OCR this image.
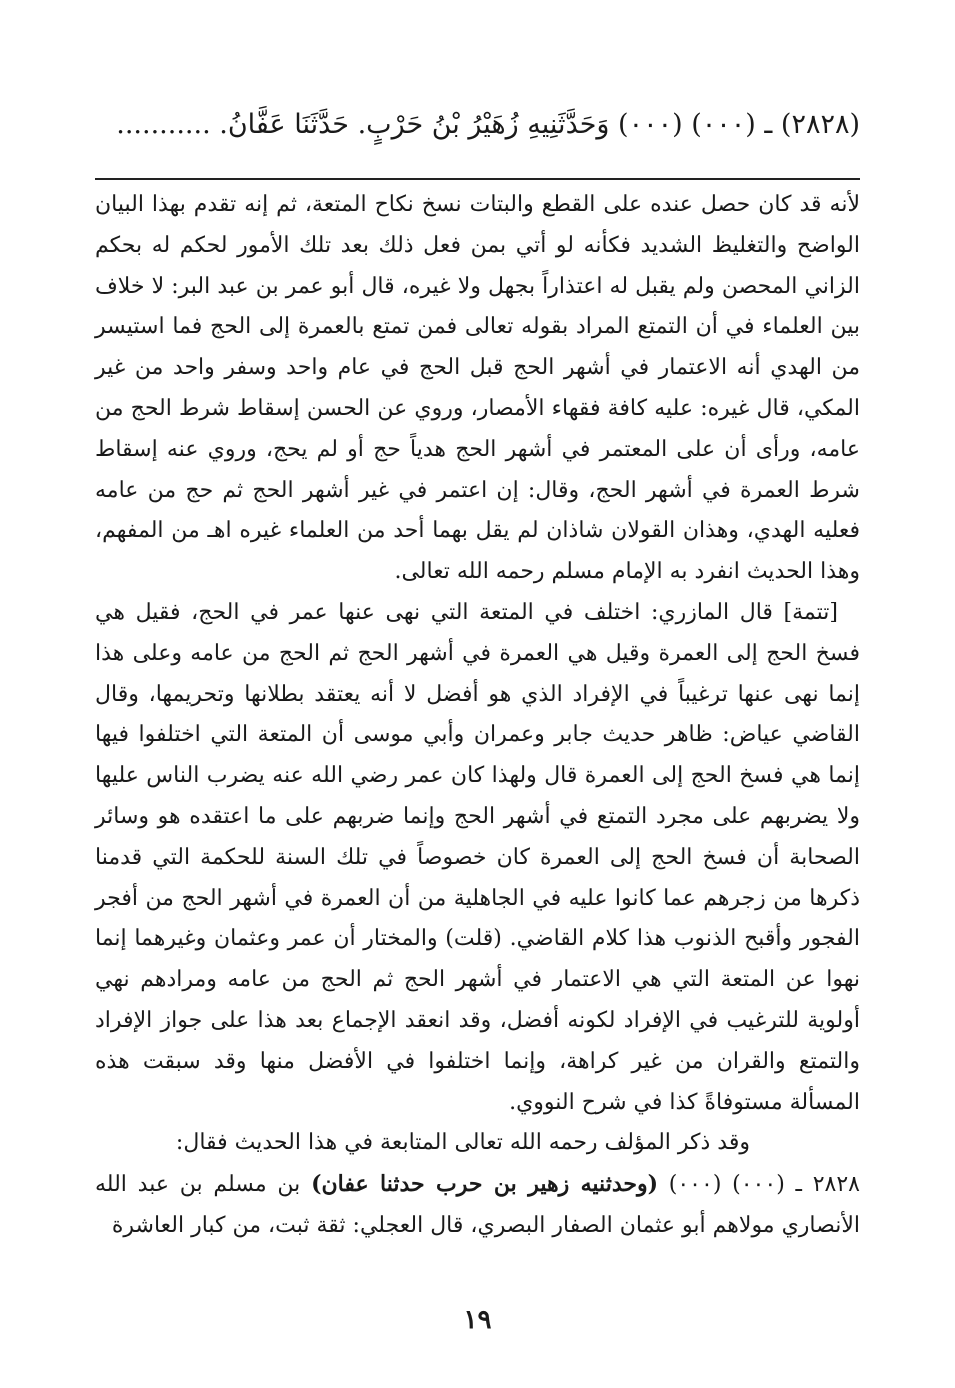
(٢٨٢٨) ـ (٠٠٠) (٠٠٠) وَحَدَّثَنِيهِ زُهَيْرُ بْنُ حَرْبٍ. حَدَّثَنَا عَفَّانُ. ...........

لأنه قد كان حصل عنده على القطع والبتات نسخ نكاح المتعة، ثم إنه تقدم بهذا البيان الواضح والتغليظ الشديد فكأنه لو أتي بمن فعل ذلك بعد تلك الأمور لحكم له بحكم الزاني المحصن ولم يقبل له اعتذاراً بجهل ولا غيره، قال أبو عمر بن عبد البر: لا خلاف بين العلماء في أن التمتع المراد بقوله تعالى فمن تمتع بالعمرة إلى الحج فما استيسر من الهدي أنه الاعتمار في أشهر الحج قبل الحج في عام واحد وسفر واحد من غير المكي، قال غيره: عليه كافة فقهاء الأمصار، وروي عن الحسن إسقاط شرط الحج من عامه، ورأى أن على المعتمر في أشهر الحج هدياً حج أو لم يحج، وروي عنه إسقاط شرط العمرة في أشهر الحج، وقال: إن اعتمر في غير أشهر الحج ثم حج من عامه فعليه الهدي، وهذان القولان شاذان لم يقل بهما أحد من العلماء غيره اهـ من المفهم، وهذا الحديث انفرد به الإمام مسلم رحمه الله تعالى.

[تتمة] قال المازري: اختلف في المتعة التي نهى عنها عمر في الحج، فقيل هي فسخ الحج إلى العمرة وقيل هي العمرة في أشهر الحج ثم الحج من عامه وعلى هذا إنما نهى عنها ترغيباً في الإفراد الذي هو أفضل لا أنه يعتقد بطلانها وتحريمها، وقال القاضي عياض: ظاهر حديث جابر وعمران وأبي موسى أن المتعة التي اختلفوا فيها إنما هي فسخ الحج إلى العمرة قال ولهذا كان عمر رضي الله عنه يضرب الناس عليها ولا يضربهم على مجرد التمتع في أشهر الحج وإنما ضربهم على ما اعتقده هو وسائر الصحابة أن فسخ الحج إلى العمرة كان خصوصاً في تلك السنة للحكمة التي قدمنا ذكرها من زجرهم عما كانوا عليه في الجاهلية من أن العمرة في أشهر الحج من أفجر الفجور وأقبح الذنوب هذا كلام القاضي. (قلت) والمختار أن عمر وعثمان وغيرهما إنما نهوا عن المتعة التي هي الاعتمار في أشهر الحج ثم الحج من عامه ومرادهم نهي أولوية للترغيب في الإفراد لكونه أفضل، وقد انعقد الإجماع بعد هذا على جواز الإفراد والتمتع والقران من غير كراهة، وإنما اختلفوا في الأفضل منها وقد سبقت هذه المسألة مستوفاةً كذا في شرح النووي.

وقد ذكر المؤلف رحمه الله تعالى المتابعة في هذا الحديث فقال:

٢٨٢٨ ـ (٠٠٠) (٠٠٠) (وحدثنيه زهير بن حرب حدثنا عفان) بن مسلم بن عبد الله الأنصاري مولاهم أبو عثمان الصفار البصري، قال العجلي: ثقة ثبت، من كبار العاشرة

١٩
